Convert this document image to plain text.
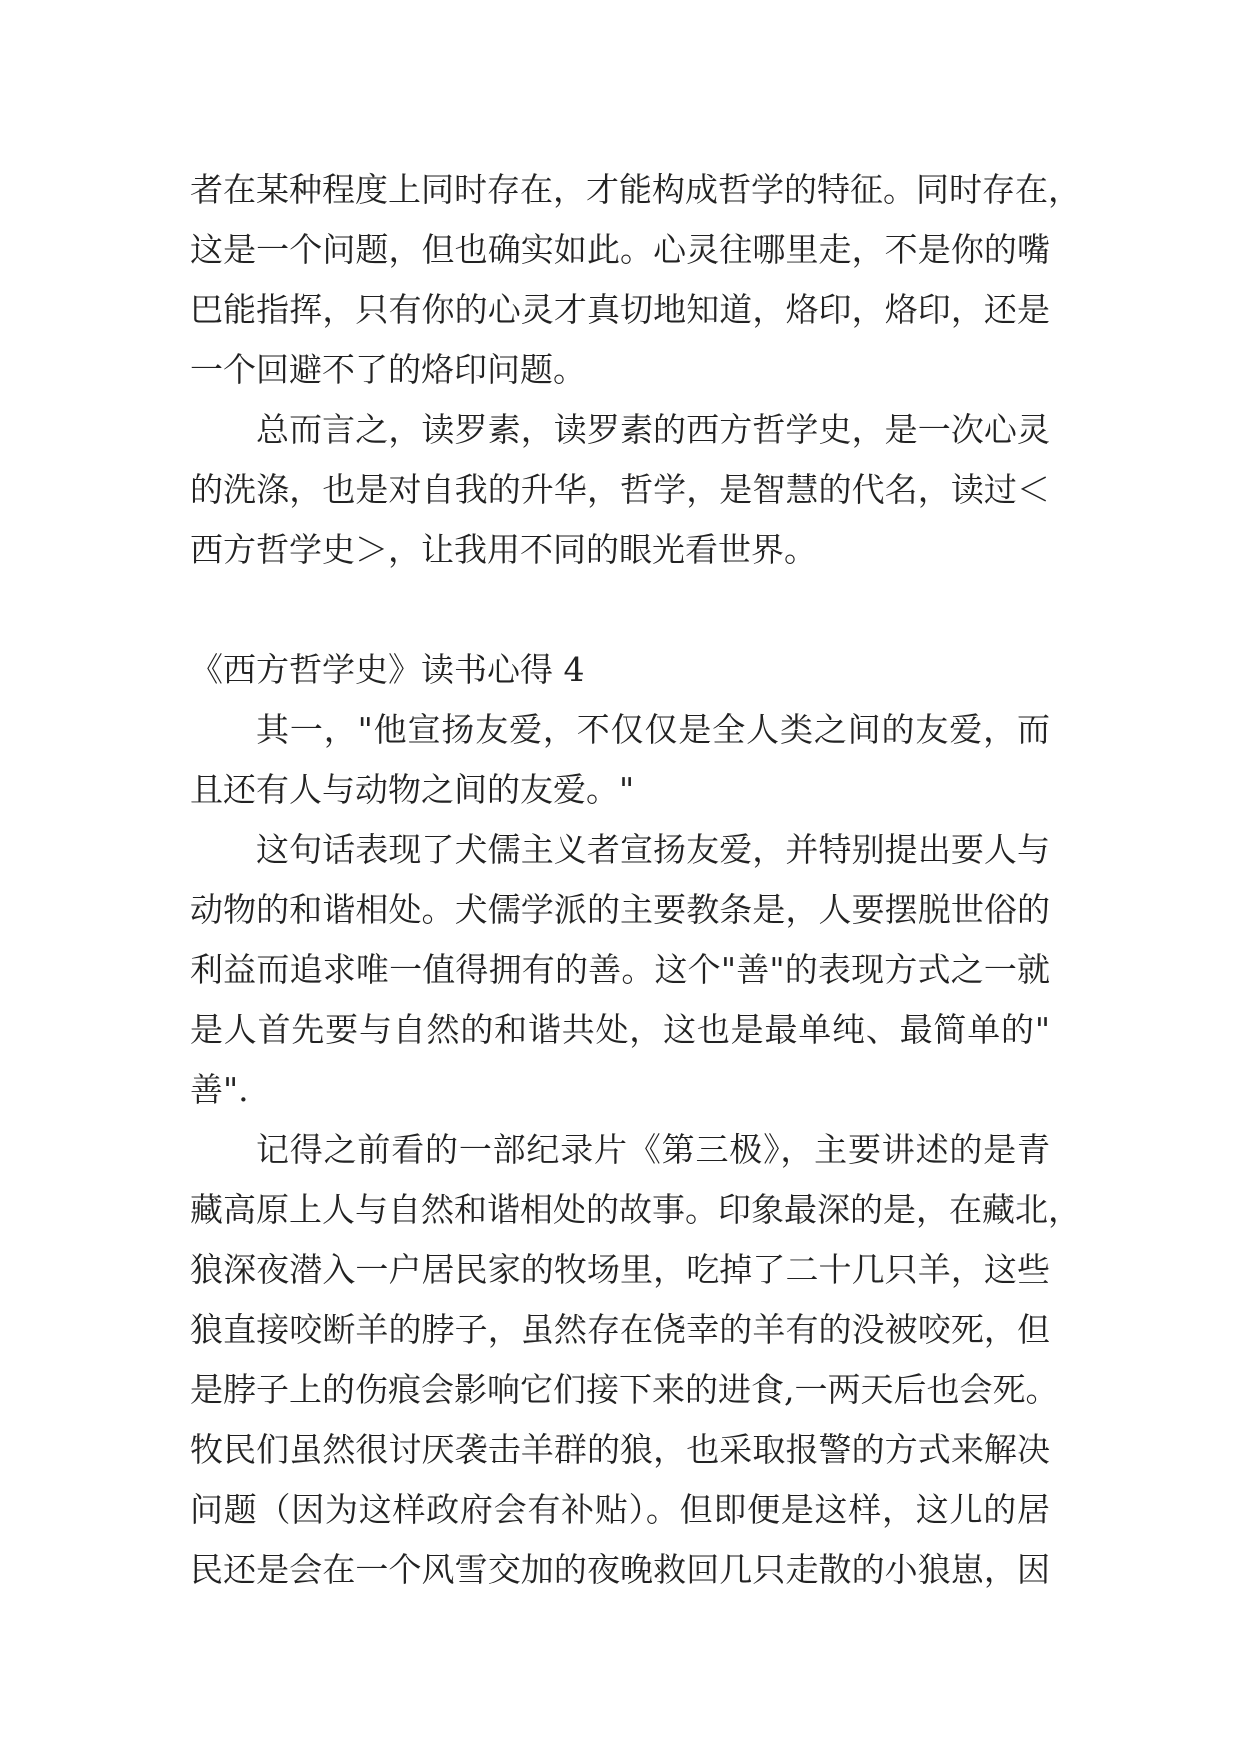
者在某种程度上同时存在，才能构成哲学的特征。同时存在，
这是一个问题，但也确实如此。心灵往哪里走，不是你的嘴
巴能指挥，只有你的心灵才真切地知道，烙印，烙印，还是
一个回避不了的烙印问题。
总而言之，读罗素，读罗素的西方哲学史，是一次心灵
的洗涤，也是对自我的升华，哲学，是智慧的代名，读过＜
西方哲学史＞，让我用不同的眼光看世界。
《西方哲学史》读书心得 4
其一，"他宣扬友爱，不仅仅是全人类之间的友爱，而
且还有人与动物之间的友爱。"
这句话表现了犬儒主义者宣扬友爱，并特别提出要人与
动物的和谐相处。犬儒学派的主要教条是，人要摆脱世俗的
利益而追求唯一值得拥有的善。这个"善"的表现方式之一就
是人首先要与自然的和谐共处，这也是最单纯、最简单的"
善".
记得之前看的一部纪录片《第三极》，主要讲述的是青
藏高原上人与自然和谐相处的故事。印象最深的是，在藏北，
狼深夜潜入一户居民家的牧场里，吃掉了二十几只羊，这些
狼直接咬断羊的脖子，虽然存在侥幸的羊有的没被咬死，但
是脖子上的伤痕会影响它们接下来的进食,一两天后也会死。
牧民们虽然很讨厌袭击羊群的狼，也采取报警的方式来解决
问题（因为这样政府会有补贴）。但即便是这样，这儿的居
民还是会在一个风雪交加的夜晚救回几只走散的小狼崽，因
